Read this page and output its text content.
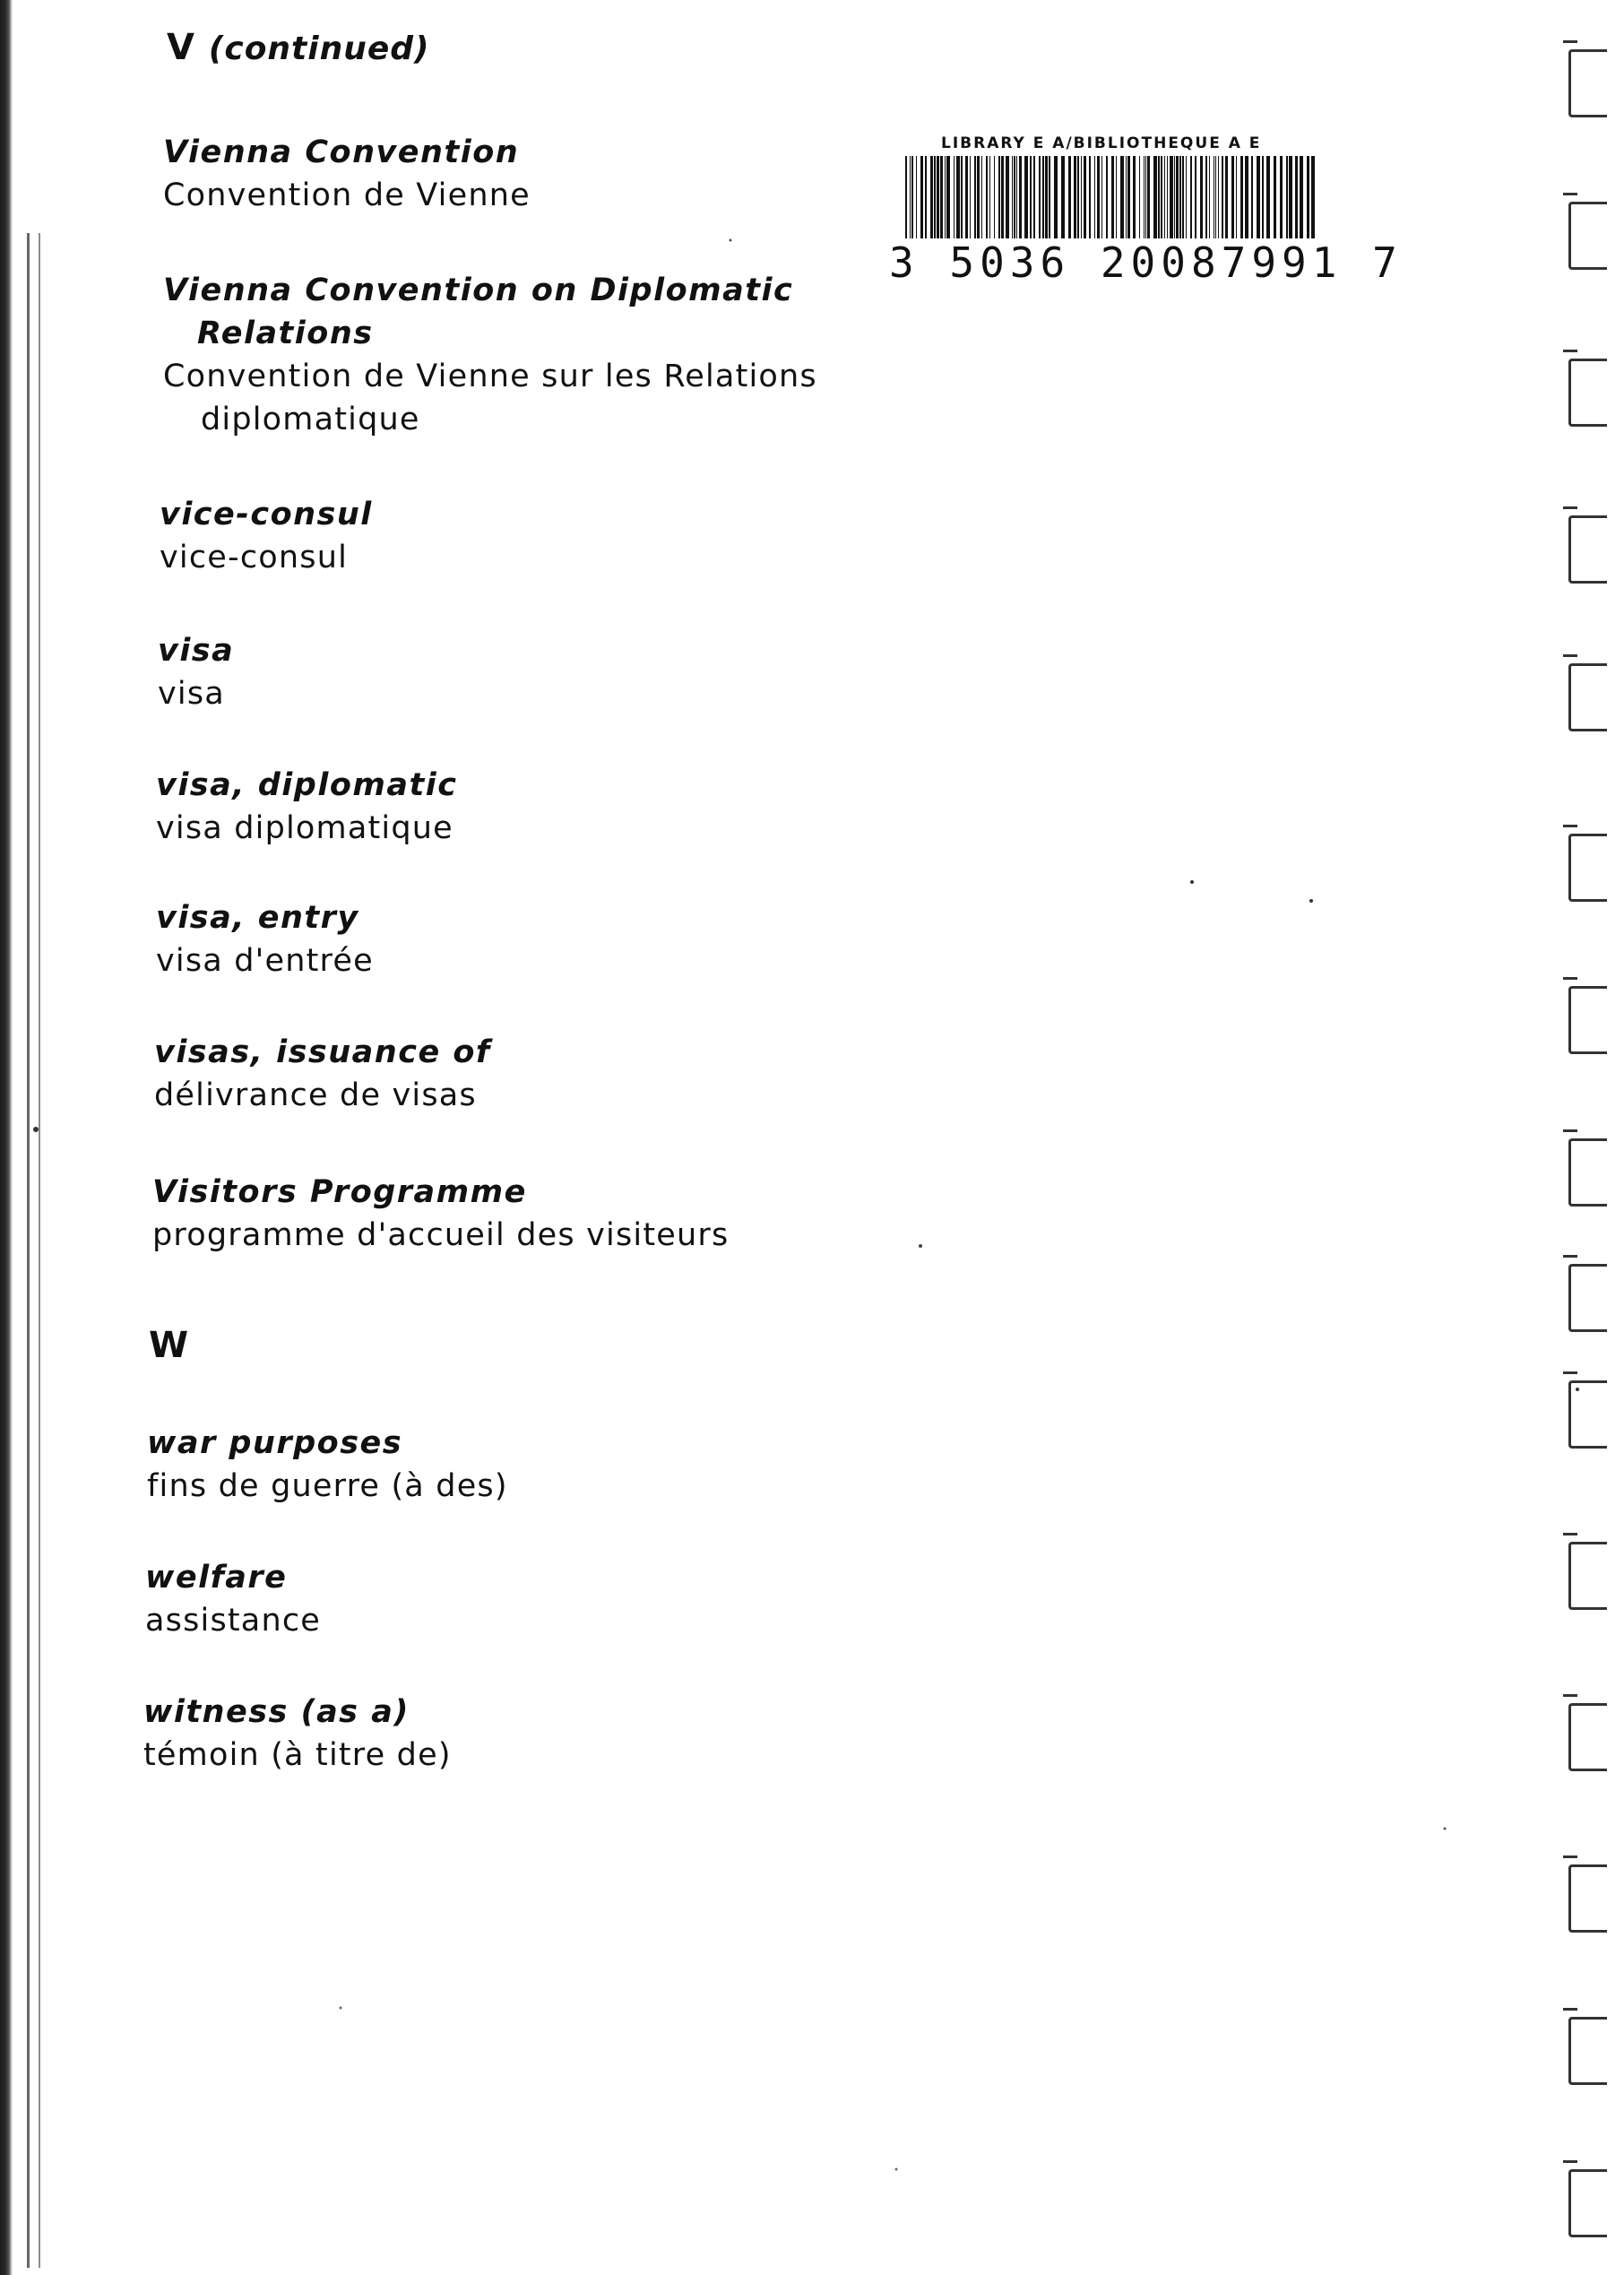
V (continued)

Vienna Convention

Convention de Vienne

Vienna Convention on Diplomatic
Relations

Convention de Vienne sur les Relations
diplomatique

vice-consul

vice-consul

visa

visa

visa, diplomatic

visa diplomatique

visa, entry

visa d'entrée

visas, issuance of

délivrance de visas

Visitors Programme

programme d'accueil des visiteurs

W

war purposes

fins de guerre (à des)

welfare

assistance

witness (as a)

témoin (à titre de)

LIBRARY E A/BIBLIOTHEQUE A E
3 5036 20087991 7
